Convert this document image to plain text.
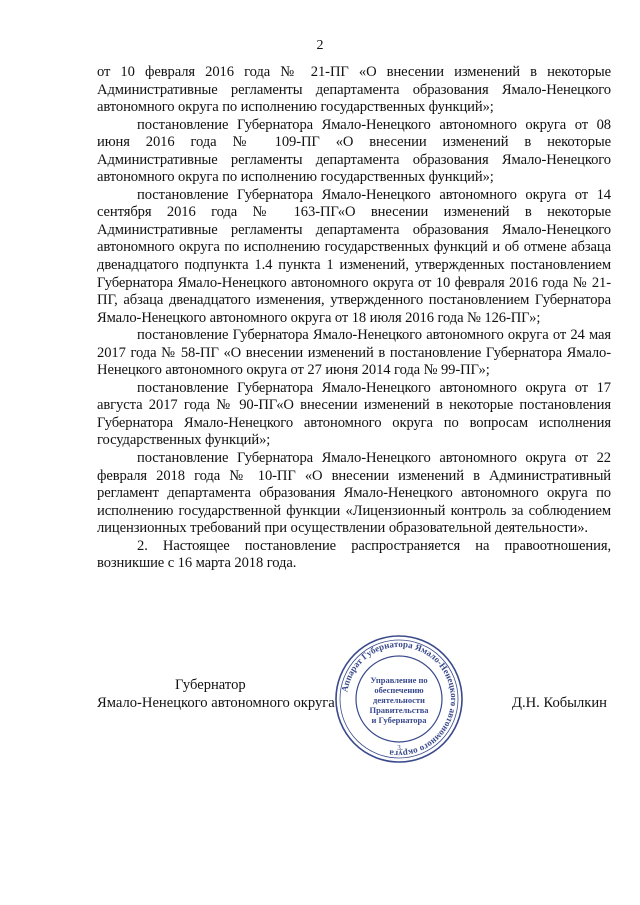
2

от 10 февраля 2016 года № 21-ПГ «О внесении изменений в некоторые Административные регламенты департамента образования Ямало-Ненецкого автономного округа по исполнению государственных функций»;

постановление Губернатора Ямало-Ненецкого автономного округа от 08 июня 2016 года № 109-ПГ «О внесении изменений в некоторые Административные регламенты департамента образования Ямало-Ненецкого автономного округа по исполнению государственных функций»;

постановление Губернатора Ямало-Ненецкого автономного округа от 14 сентября 2016 года № 163-ПГ«О внесении изменений в некоторые Административные регламенты департамента образования Ямало-Ненецкого автономного округа по исполнению государственных функций и об отмене абзаца двенадцатого подпункта 1.4 пункта 1 изменений, утвержденных постановлением Губернатора Ямало-Ненецкого автономного округа от 10 февраля 2016 года № 21-ПГ, абзаца двенадцатого изменения, утвержденного постановлением Губернатора Ямало-Ненецкого автономного округа от 18 июля 2016 года № 126-ПГ»;

постановление Губернатора Ямало-Ненецкого автономного округа от 24 мая 2017 года № 58-ПГ «О внесении изменений в постановление Губернатора Ямало-Ненецкого автономного округа от 27 июня 2014 года № 99-ПГ»;

постановление Губернатора Ямало-Ненецкого автономного округа от 17 августа 2017 года № 90-ПГ«О внесении изменений в некоторые постановления Губернатора Ямало-Ненецкого автономного округа по вопросам исполнения государственных функций»;

постановление Губернатора Ямало-Ненецкого автономного округа от 22 февраля 2018 года № 10-ПГ «О внесении изменений в Административный регламент департамента образования Ямало-Ненецкого автономного округа по исполнению государственной функции «Лицензионный контроль за соблюдением лицензионных требований при осуществлении образовательной деятельности».

2. Настоящее постановление распространяется на правоотношения, возникшие с 16 марта 2018 года.

Губернатор
Ямало-Ненецкого автономного округа	Д.Н. Кобылкин
Аппарат Губернатора Ямало-Ненецкого автономного округа
Управление по
обеспечению
деятельности
Правительства
и Губернатора
3
